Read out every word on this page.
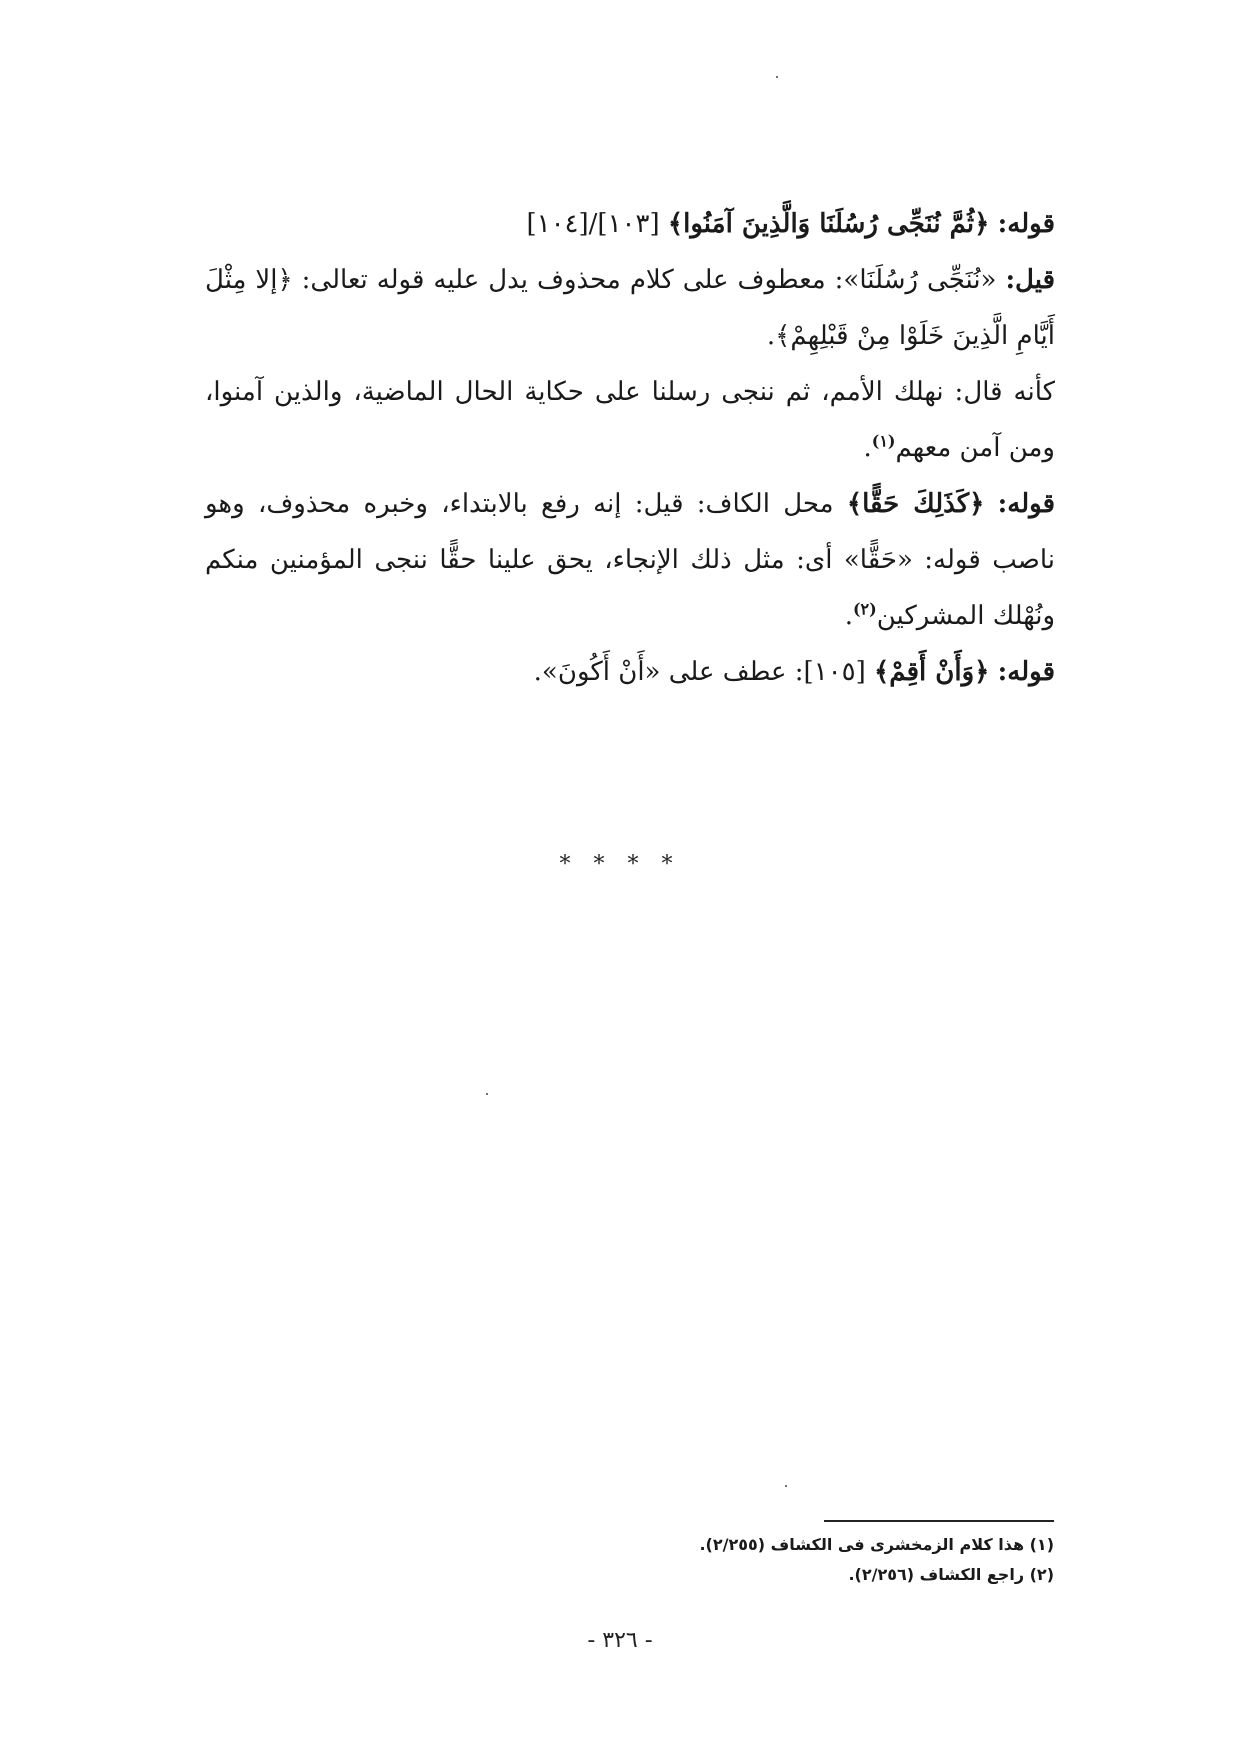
قوله: ﴿ثُمَّ نُنَجِّى رُسُلَنَا وَالَّذِينَ آمَنُوا﴾ [١٠٣]/[١٠٤]

قيل: «نُنَجِّى رُسُلَنَا»: معطوف على كلام محذوف يدل عليه قوله تعالى: ﴿إلا مِثْلَ أَيَّامِ الَّذِينَ خَلَوْا مِنْ قَبْلِهِمْ﴾.

كأنه قال: نهلك الأمم، ثم ننجى رسلنا على حكاية الحال الماضية، والذين آمنوا، ومن آمن معهم$^{(١)}$.

قوله: ﴿كَذَلِكَ حَقًّا﴾ محل الكاف: قيل: إنه رفع بالابتداء، وخبره محذوف، وهو ناصب قوله: «حَقًّا» أى: مثل ذلك الإنجاء، يحق علينا حقًّا ننجى المؤمنين منكم ونُهْلك المشركين$^{(٢)}$.

قوله: ﴿وَأَنْ أَقِمْ﴾ [١٠٥]: عطف على «أَنْ أَكُونَ».

* * * *

(١) هذا كلام الزمخشرى فى الكشاف (٢/٢٥٥).

(٢) راجع الكشاف (٢/٢٥٦).

- ٣٢٦ -
